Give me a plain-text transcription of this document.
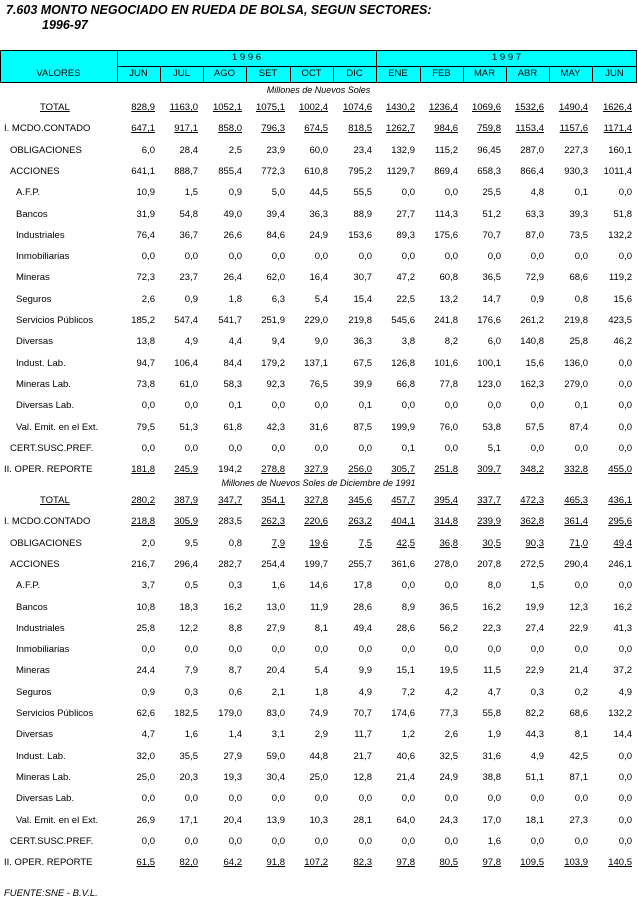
7.603 MONTO NEGOCIADO EN RUEDA DE BOLSA, SEGUN SECTORES:
1996-97
VALORES
1 9 9 6	1 9 9 7
JUN	JUL	AGO	SET	OCT	DIC	ENE	FEB	MAR	ABR	MAY	JUN
Millones de Nuevos Soles
TOTAL	828,9	1163,0	1052,1	1075,1	1002,4	1074,6	1430,2	1236,4	1069,6	1532,6	1490,4	1626,4
I. MCDO.CONTADO	647,1	917,1	858,0	796,3	674,5	818,5	1262,7	984,6	759,8	1153,4	1157,6	1171,4
OBLIGACIONES	6,0	28,4	2,5	23,9	60,0	23,4	132,9	115,2	96,45	287,0	227,3	160,1
ACCIONES	641,1	888,7	855,4	772,3	610,8	795,2	1129,7	869,4	658,3	866,4	930,3	1011,4
A.F.P.	10,9	1,5	0,9	5,0	44,5	55,5	0,0	0,0	25,5	4,8	0,1	0,0
Bancos	31,9	54,8	49,0	39,4	36,3	88,9	27,7	114,3	51,2	63,3	39,3	51,8
Industriales	76,4	36,7	26,6	84,6	24,9	153,6	89,3	175,6	70,7	87,0	73,5	132,2
Inmobiliarias	0,0	0,0	0,0	0,0	0,0	0,0	0,0	0,0	0,0	0,0	0,0	0,0
Mineras	72,3	23,7	26,4	62,0	16,4	30,7	47,2	60,8	36,5	72,9	68,6	119,2
Seguros	2,6	0,9	1,8	6,3	5,4	15,4	22,5	13,2	14,7	0,9	0,8	15,6
Servicios Públicos	185,2	547,4	541,7	251,9	229,0	219,8	545,6	241,8	176,6	261,2	219,8	423,5
Diversas	13,8	4,9	4,4	9,4	9,0	36,3	3,8	8,2	6,0	140,8	25,8	46,2
Indust. Lab.	94,7	106,4	84,4	179,2	137,1	67,5	126,8	101,6	100,1	15,6	136,0	0,0
Mineras Lab.	73,8	61,0	58,3	92,3	76,5	39,9	66,8	77,8	123,0	162,3	279,0	0,0
Diversas Lab.	0,0	0,0	0,1	0,0	0,0	0,1	0,0	0,0	0,0	0,0	0,1	0,0
Val. Emit. en el Ext.	79,5	51,3	61,8	42,3	31,6	87,5	199,9	76,0	53,8	57,5	87,4	0,0
CERT.SUSC.PREF.	0,0	0,0	0,0	0,0	0,0	0,0	0,1	0,0	5,1	0,0	0,0	0,0
II. OPER. REPORTE	181,8	245,9	194,2	278,8	327,9	256,0	305,7	251,8	309,7	348,2	332,8	455,0
Millones de Nuevos Soles de Diciembre de 1991
TOTAL	280,2	387,9	347,7	354,1	327,8	345,6	457,7	395,4	337,7	472,3	465,3	436,1
I. MCDO.CONTADO	218,8	305,9	283,5	262,3	220,6	263,2	404,1	314,8	239,9	362,8	361,4	295,6
OBLIGACIONES	2,0	9,5	0,8	7,9	19,6	7,5	42,5	36,8	30,5	90,3	71,0	49,4
ACCIONES	216,7	296,4	282,7	254,4	199,7	255,7	361,6	278,0	207,8	272,5	290,4	246,1
A.F.P.	3,7	0,5	0,3	1,6	14,6	17,8	0,0	0,0	8,0	1,5	0,0	0,0
Bancos	10,8	18,3	16,2	13,0	11,9	28,6	8,9	36,5	16,2	19,9	12,3	16,2
Industriales	25,8	12,2	8,8	27,9	8,1	49,4	28,6	56,2	22,3	27,4	22,9	41,3
Inmobiliarias	0,0	0,0	0,0	0,0	0,0	0,0	0,0	0,0	0,0	0,0	0,0	0,0
Mineras	24,4	7,9	8,7	20,4	5,4	9,9	15,1	19,5	11,5	22,9	21,4	37,2
Seguros	0,9	0,3	0,6	2,1	1,8	4,9	7,2	4,2	4,7	0,3	0,2	4,9
Servicios Públicos	62,6	182,5	179,0	83,0	74,9	70,7	174,6	77,3	55,8	82,2	68,6	132,2
Diversas	4,7	1,6	1,4	3,1	2,9	11,7	1,2	2,6	1,9	44,3	8,1	14,4
Indust. Lab.	32,0	35,5	27,9	59,0	44,8	21,7	40,6	32,5	31,6	4,9	42,5	0,0
Mineras Lab.	25,0	20,3	19,3	30,4	25,0	12,8	21,4	24,9	38,8	51,1	87,1	0,0
Diversas Lab.	0,0	0,0	0,0	0,0	0,0	0,0	0,0	0,0	0,0	0,0	0,0	0,0
Val. Emit. en el Ext.	26,9	17,1	20,4	13,9	10,3	28,1	64,0	24,3	17,0	18,1	27,3	0,0
CERT.SUSC.PREF.	0,0	0,0	0,0	0,0	0,0	0,0	0,0	0,0	1,6	0,0	0,0	0,0
II. OPER. REPORTE	61,5	82,0	64,2	91,8	107,2	82,3	97,8	80,5	97,8	109,5	103,9	140,5
FUENTE:SNE - B.V.L.
